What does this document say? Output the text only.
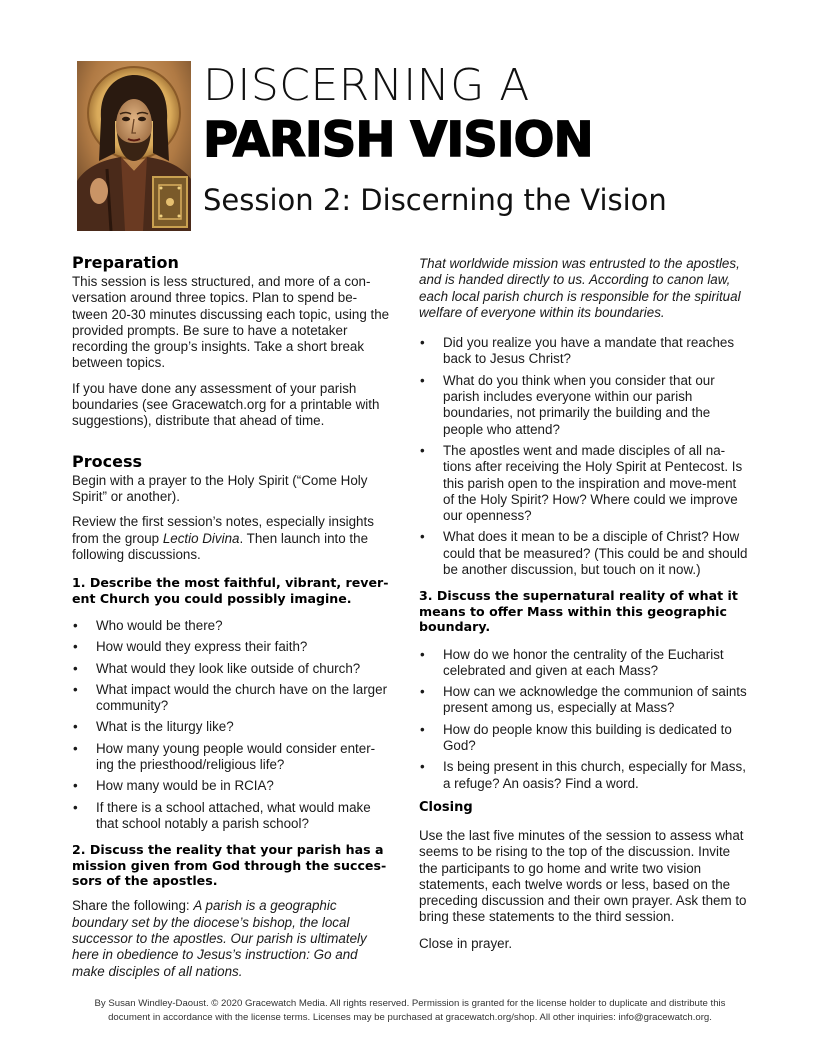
DISCERNING A
PARISH VISION
Session 2: Discerning the Vision
Preparation

This session is less structured, and more of a con-versation around three topics. Plan to spend be-tween 20-30 minutes discussing each topic, using the provided prompts. Be sure to have a notetaker recording the group’s insights. Take a short break between topics.

If you have done any assessment of your parish boundaries (see Gracewatch.org for a printable with suggestions), distribute that ahead of time.

Process

Begin with a prayer to the Holy Spirit (“Come Holy Spirit” or another).

Review the first session’s notes, especially insights from the group Lectio Divina. Then launch into the following discussions.

1. Describe the most faithful, vibrant, rever-ent Church you could possibly imagine.
• Who would be there?
• How would they express their faith?
• What would they look like outside of church?
• What impact would the church have on the larger community?
• What is the liturgy like?
• How many young people would consider enter-ing the priesthood/religious life?
• How many would be in RCIA?
• If there is a school attached, what would make that school notably a parish school?
2. Discuss the reality that your parish has a mission given from God through the succes-sors of the apostles.

Share the following: A parish is a geographic boundary set by the diocese’s bishop, the local successor to the apostles. Our parish is ultimately here in obedience to Jesus’s instruction: Go and make disciples of all nations.

That worldwide mission was entrusted to the apostles, and is handed directly to us. According to canon law, each local parish church is responsible for the spiritual welfare of everyone within its boundaries.

• Did you realize you have a mandate that reaches back to Jesus Christ?
• What do you think when you consider that our parish includes everyone within our parish boundaries, not primarily the building and the people who attend?
• The apostles went and made disciples of all na-tions after receiving the Holy Spirit at Pentecost. Is this parish open to the inspiration and move-ment of the Holy Spirit? How? Where could we improve our openness?
• What does it mean to be a disciple of Christ? How could that be measured? (This could be and should be another discussion, but touch on it now.)
3. Discuss the supernatural reality of what it means to offer Mass within this geographic boundary.
• How do we honor the centrality of the Eucharist celebrated and given at each Mass?
• How can we acknowledge the communion of saints present among us, especially at Mass?
• How do people know this building is dedicated to God?
• Is being present in this church, especially for Mass, a refuge? An oasis? Find a word.
Closing

Use the last five minutes of the session to assess what seems to be rising to the top of the discussion. Invite the participants to go home and write two vision statements, each twelve words or less, based on the preceding discussion and their own prayer. Ask them to bring these statements to the third session.

Close in prayer.

By Susan Windley-Daoust. © 2020 Gracewatch Media. All rights reserved. Permission is granted for the license holder to duplicate and distribute this
document in accordance with the license terms. Licenses may be purchased at gracewatch.org/shop. All other inquiries: info@gracewatch.org.
